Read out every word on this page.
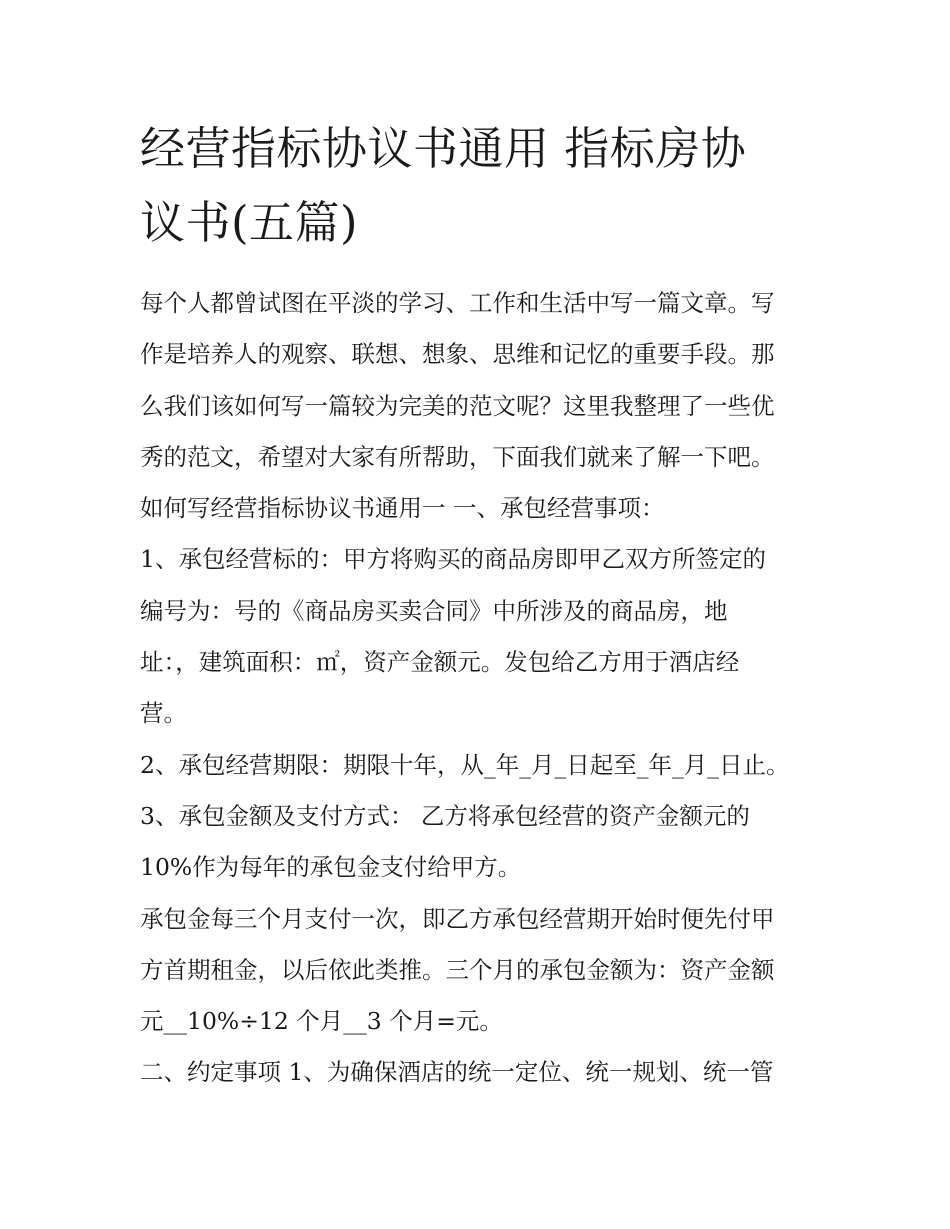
经营指标协议书通用 指标房协
议书(五篇)
每个人都曾试图在平淡的学习、工作和生活中写一篇文章。写
作是培养人的观察、联想、想象、思维和记忆的重要手段。那
么我们该如何写一篇较为完美的范文呢？这里我整理了一些优
秀的范文，希望对大家有所帮助，下面我们就来了解一下吧。
如何写经营指标协议书通用一 一、承包经营事项：
1、承包经营标的：甲方将购买的商品房即甲乙双方所签定的
编号为：号的《商品房买卖合同》中所涉及的商品房，地
址：，建筑面积：㎡，资产金额元。发包给乙方用于酒店经
营。
2、承包经营期限：期限十年，从_年_月_日起至_年_月_日止。
3、承包金额及支付方式： 乙方将承包经营的资产金额元的
10%作为每年的承包金支付给甲方。
承包金每三个月支付一次，即乙方承包经营期开始时便先付甲
方首期租金，以后依此类推。三个月的承包金额为：资产金额
元__10%÷12 个月__3 个月=元。
二、约定事项 1、为确保酒店的统一定位、统一规划、统一管
